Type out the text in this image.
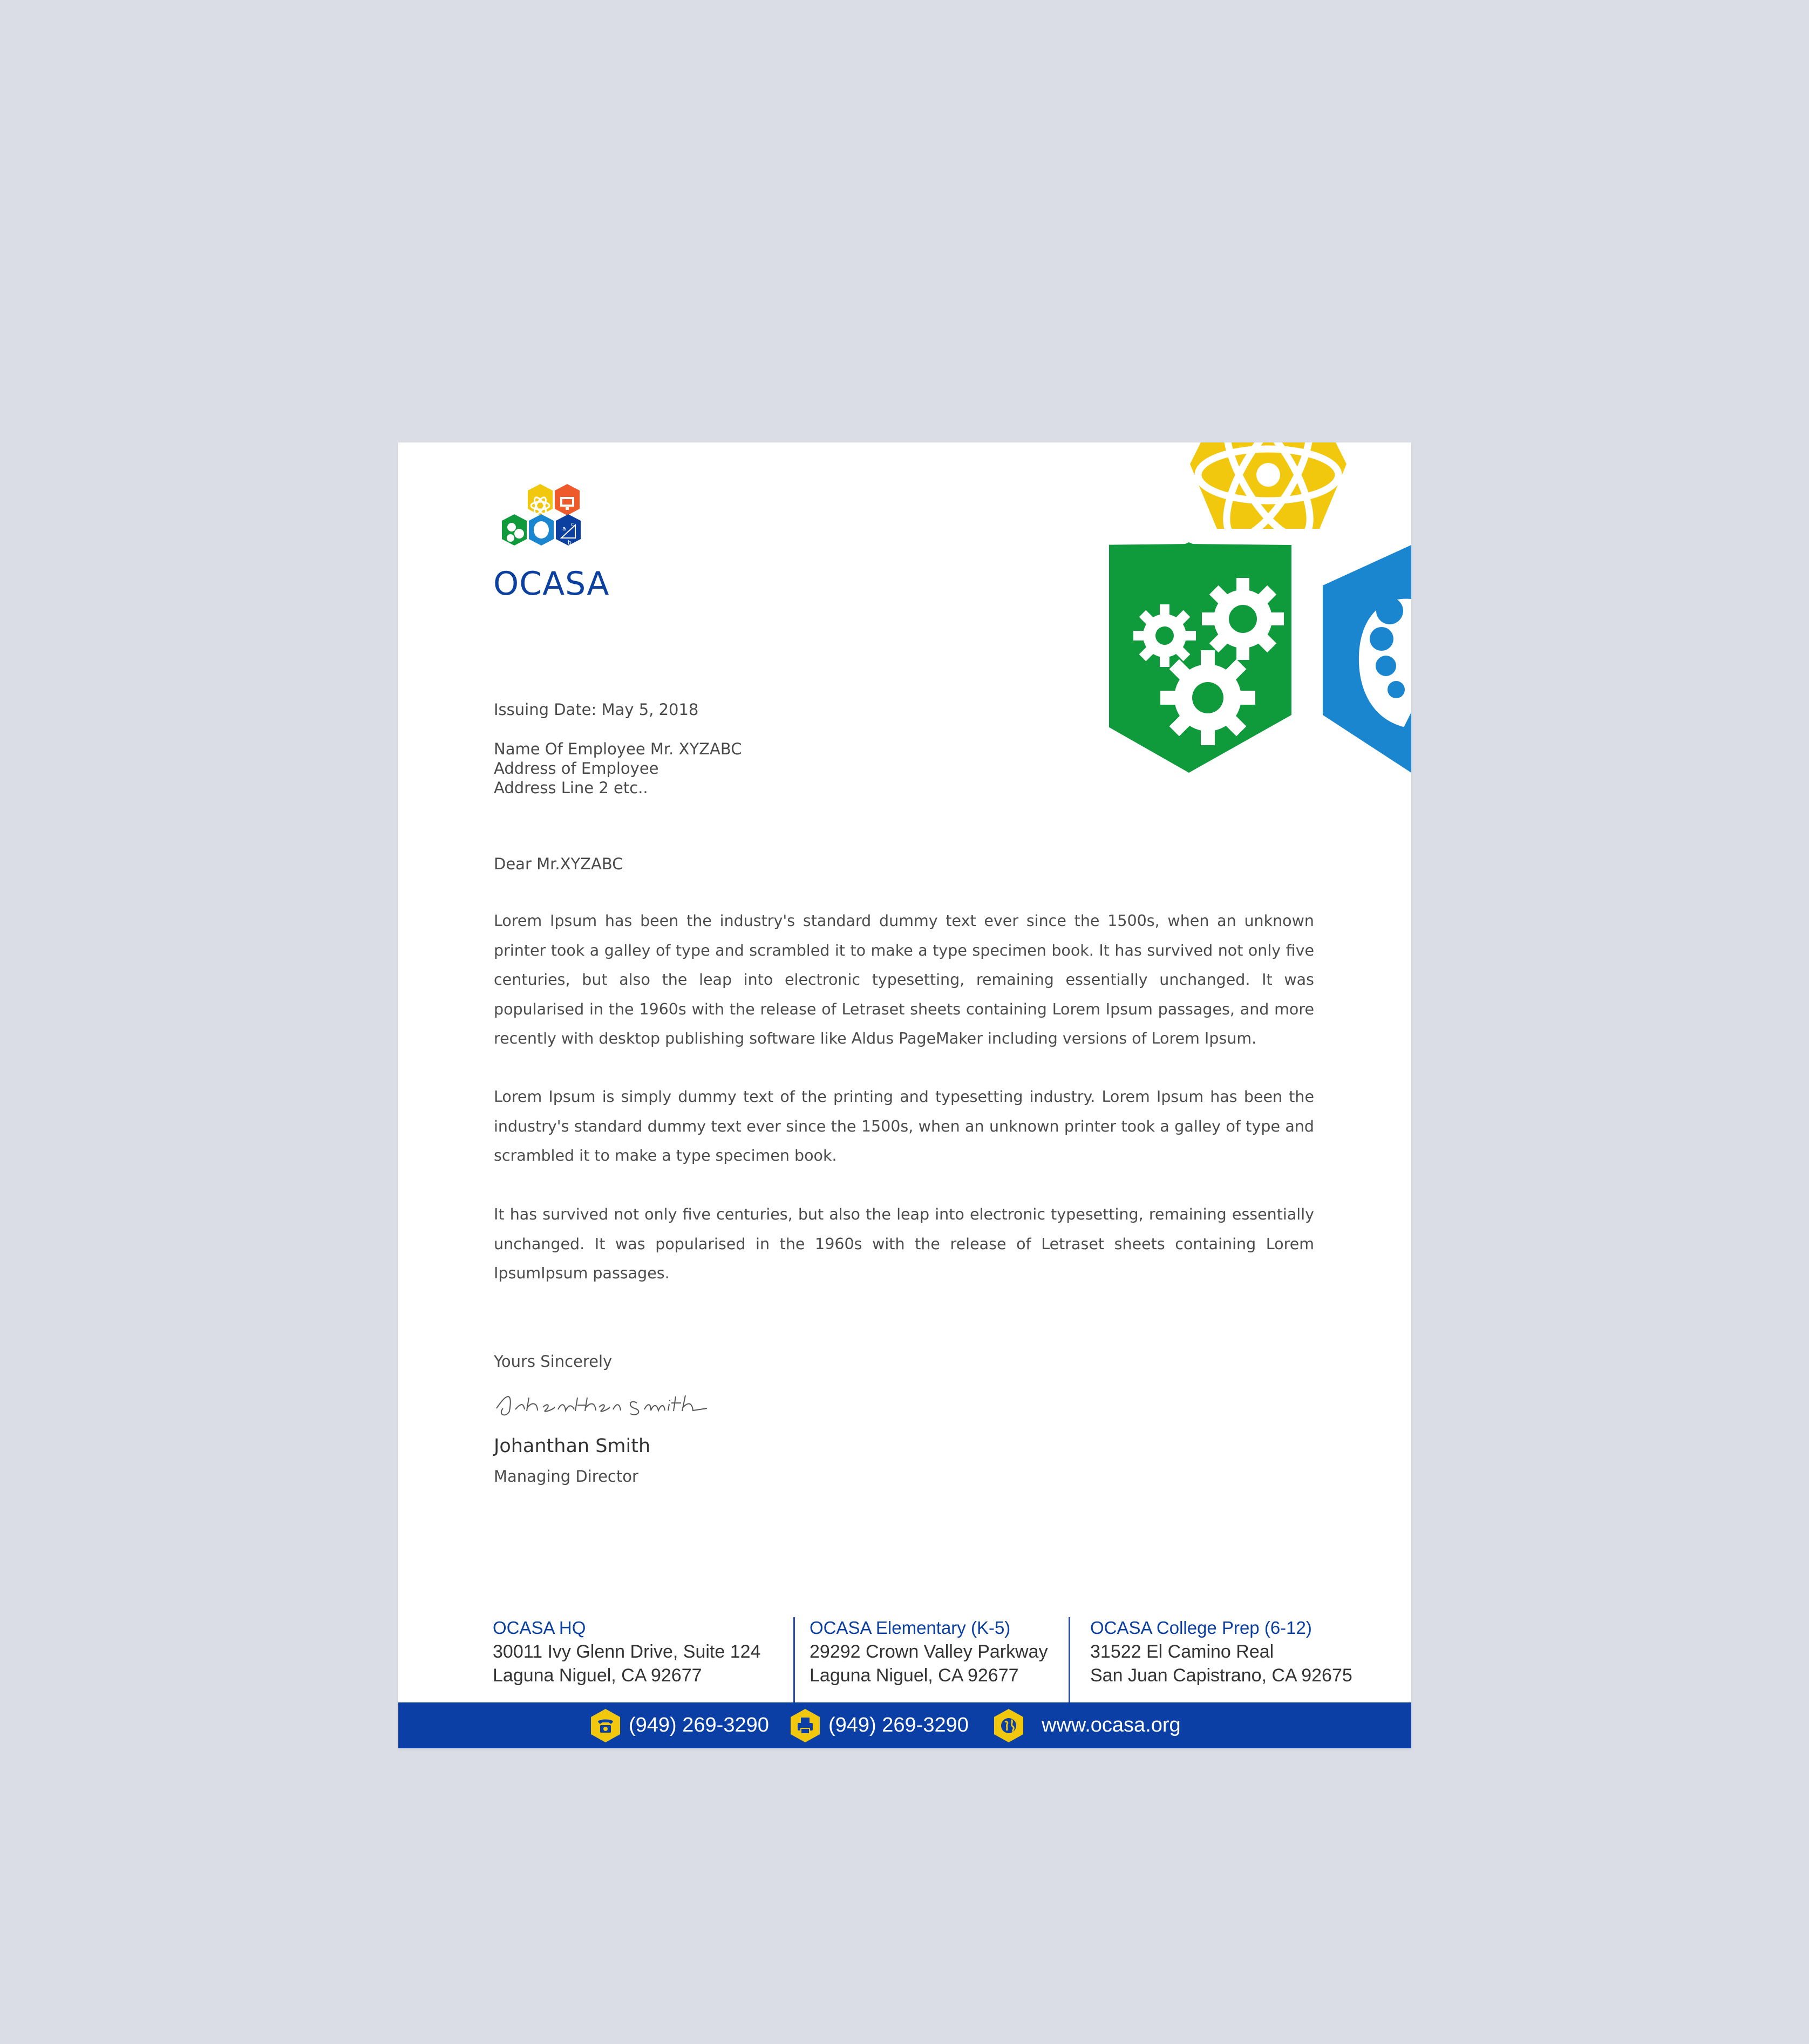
a
c
b

OCASA

Issuing Date: May 5, 2018

Name Of Employee Mr. XYZABC

Address of Employee

Address Line 2 etc..

Dear Mr.XYZABC

Lorem Ipsum has been the industry's standard dummy text ever since the 1500s, when an unknown printer took a galley of type and scrambled it to make a type specimen book. It has survived not only five centuries, but also the leap into electronic typesetting, remaining essentially unchanged. It was popularised in the 1960s with the release of Letraset sheets containing Lorem Ipsum passages, and more recently with desktop publishing software like Aldus PageMaker including versions of Lorem Ipsum.

Lorem Ipsum is simply dummy text of the printing and typesetting industry. Lorem Ipsum has been the industry's standard dummy text ever since the 1500s, when an unknown printer took a galley of type and scrambled it to make a type specimen book.

It has survived not only five centuries, but also the leap into electronic typesetting, remaining essentially unchanged. It was popularised in the 1960s with the release of Letraset sheets containing Lorem IpsumIpsum passages.

Yours Sincerely

Johanthan Smith

Managing Director

OCASA HQ

30011 Ivy Glenn Drive, Suite 124

Laguna Niguel, CA 92677

OCASA Elementary (K-5)

29292 Crown Valley Parkway

Laguna Niguel, CA 92677

OCASA College Prep (6-12)

31522 El Camino Real

San Juan Capistrano, CA 92675

(949) 269-3290	(949) 269-3290	www.ocasa.org
